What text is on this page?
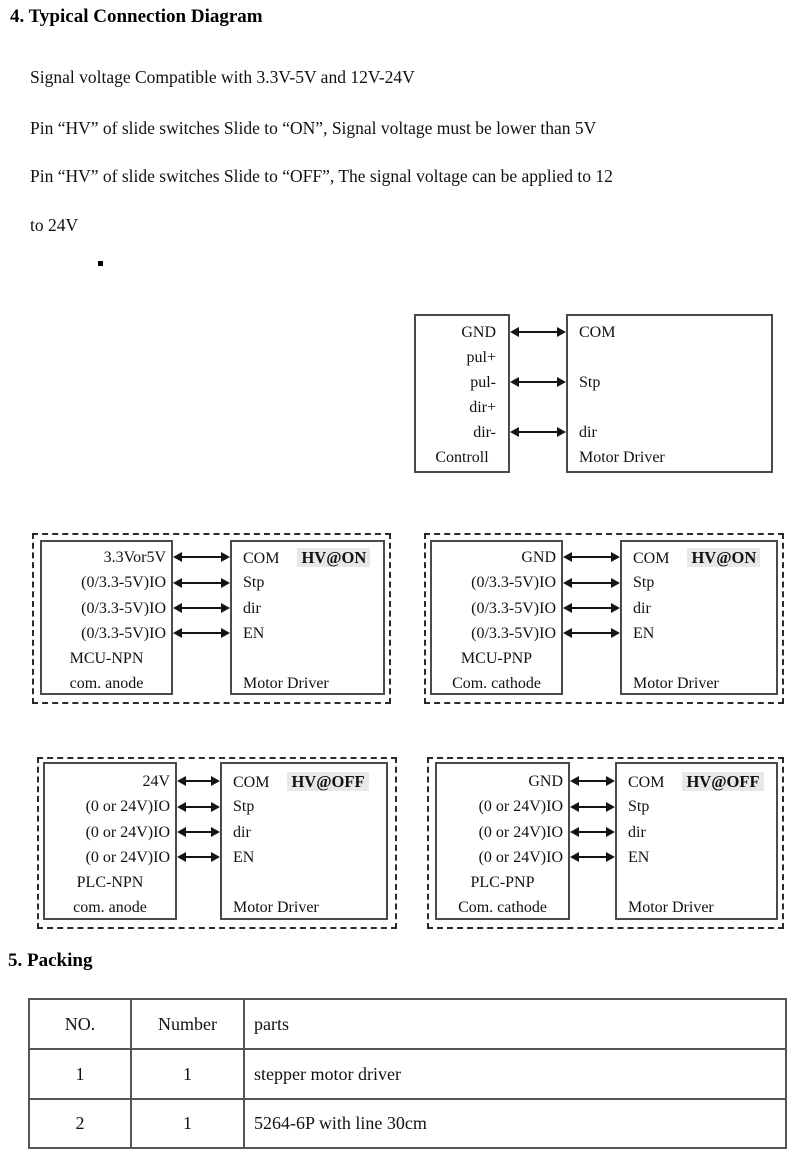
4. Typical Connection Diagram
Signal voltage Compatible with 3.3V-5V and 12V-24V
Pin “HV” of slide switches Slide to “ON”, Signal voltage must be lower than 5V
Pin “HV” of slide switches Slide to “OFF”, The signal voltage can be applied to 12
to 24V
GND
pul+
pul-
dir+
dir-
Controll
COM
Stp
dir
Motor Driver
3.3Vor5V
(0/3.3-5V)IO
(0/3.3-5V)IO
(0/3.3-5V)IO
MCU-NPN
com. anode
COM HV@ON
Stp
dir
EN
Motor Driver
GND
(0/3.3-5V)IO
(0/3.3-5V)IO
(0/3.3-5V)IO
MCU-PNP
Com. cathode
COM HV@ON
Stp
dir
EN
Motor Driver
24V
(0 or 24V)IO
(0 or 24V)IO
(0 or 24V)IO
PLC-NPN
com. anode
COM HV@OFF
Stp
dir
EN
Motor Driver
GND
(0 or 24V)IO
(0 or 24V)IO
(0 or 24V)IO
PLC-PNP
Com. cathode
COM HV@OFF
Stp
dir
EN
Motor Driver
5. Packing
NO.	Number	parts
1	1	stepper motor driver
2	1	5264-6P with line 30cm
